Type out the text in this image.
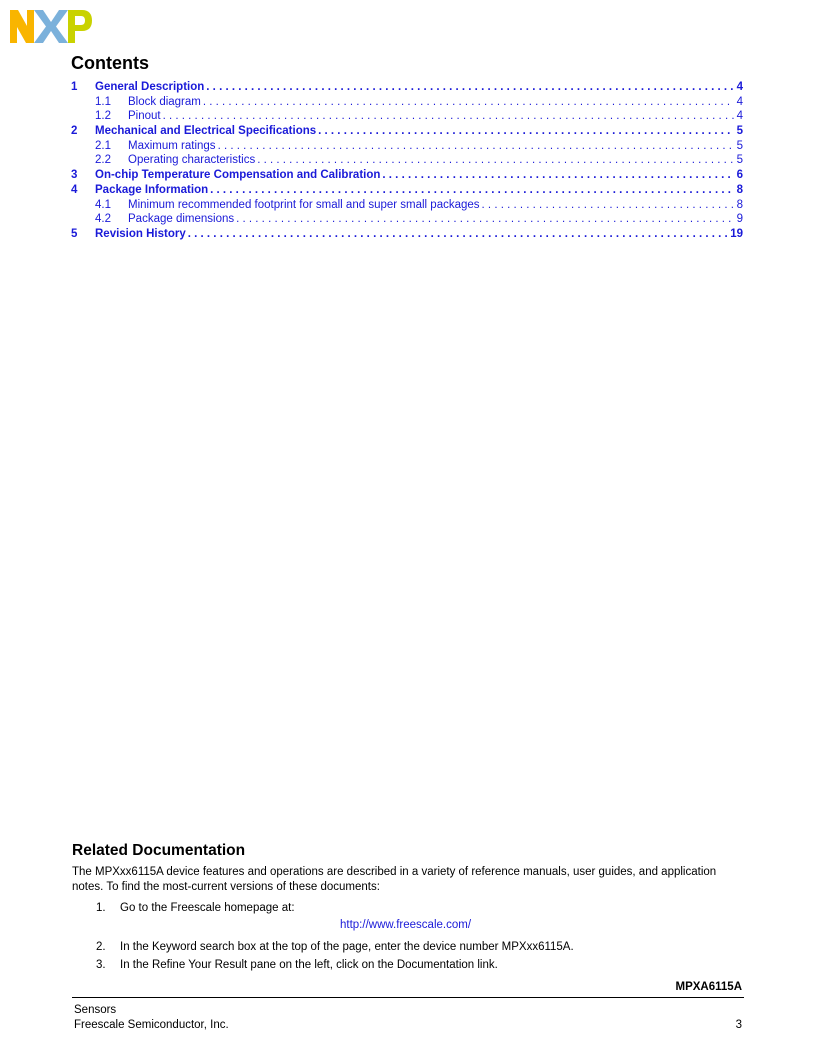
Contents
1 General Description . . .	4
1.1 Block diagram . . .	4
1.2 Pinout . . .	4
2 Mechanical and Electrical Specifications . . .	5
2.1 Maximum ratings . . .	5
2.2 Operating characteristics . . .	5
3 On-chip Temperature Compensation and Calibration . . .	6
4 Package Information . . .	8
4.1 Minimum recommended footprint for small and super small packages . . .	8
4.2 Package dimensions . . .	9
5 Revision History . . .	19
Related Documentation
The MPXxx6115A device features and operations are described in a variety of reference manuals, user guides, and application notes. To find the most-current versions of these documents:
1. Go to the Freescale homepage at:
http://www.freescale.com/
2. In the Keyword search box at the top of the page, enter the device number MPXxx6115A.
3. In the Refine Your Result pane on the left, click on the Documentation link.
MPXA6115A
Sensors
Freescale Semiconductor, Inc.	3
